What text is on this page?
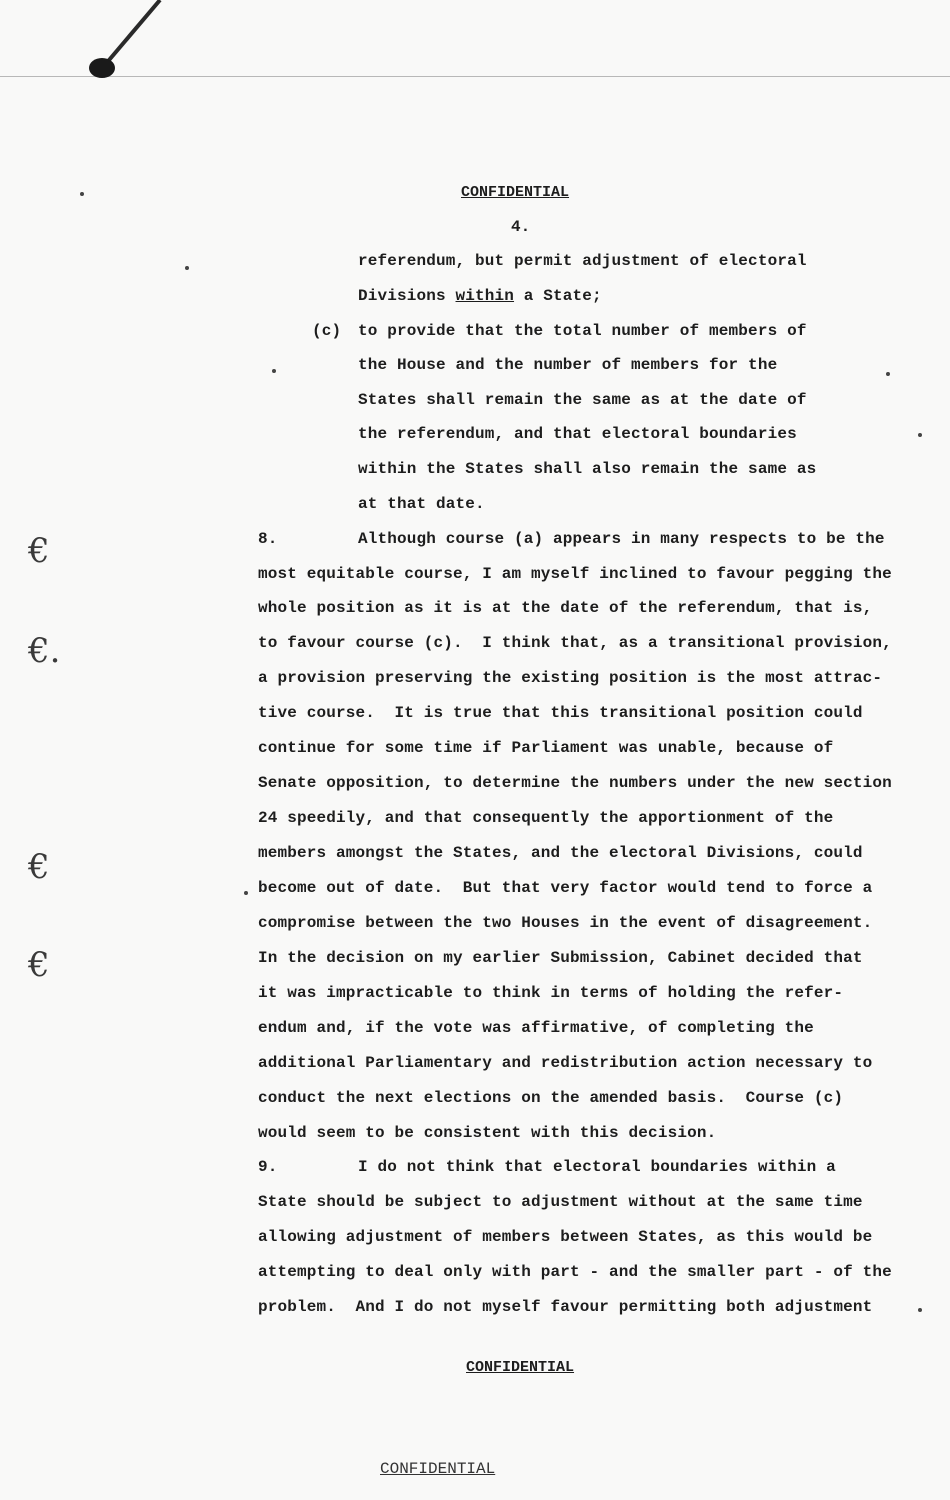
CONFIDENTIAL
4.
referendum, but permit adjustment of electoral
Divisions within a State;
(c) to provide that the total number of members of
the House and the number of members for the
States shall remain the same as at the date of
the referendum, and that electoral boundaries
within the States shall also remain the same as
at that date.
8.	Although course (a) appears in many respects to be the
most equitable course, I am myself inclined to favour pegging the
whole position as it is at the date of the referendum, that is,
to favour course (c).  I think that, as a transitional provision,
a provision preserving the existing position is the most attrac-
tive course.  It is true that this transitional position could
continue for some time if Parliament was unable, because of
Senate opposition, to determine the numbers under the new section
24 speedily, and that consequently the apportionment of the
members amongst the States, and the electoral Divisions, could
become out of date.  But that very factor would tend to force a
compromise between the two Houses in the event of disagreement.
In the decision on my earlier Submission, Cabinet decided that
it was impracticable to think in terms of holding the refer-
endum and, if the vote was affirmative, of completing the
additional Parliamentary and redistribution action necessary to
conduct the next elections on the amended basis.  Course (c)
would seem to be consistent with this decision.
9.	I do not think that electoral boundaries within a
State should be subject to adjustment without at the same time
allowing adjustment of members between States, as this would be
attempting to deal only with part - and the smaller part - of the
problem.  And I do not myself favour permitting both adjustment
CONFIDENTIAL
CONFIDENTIAL
€
€.
€
€
